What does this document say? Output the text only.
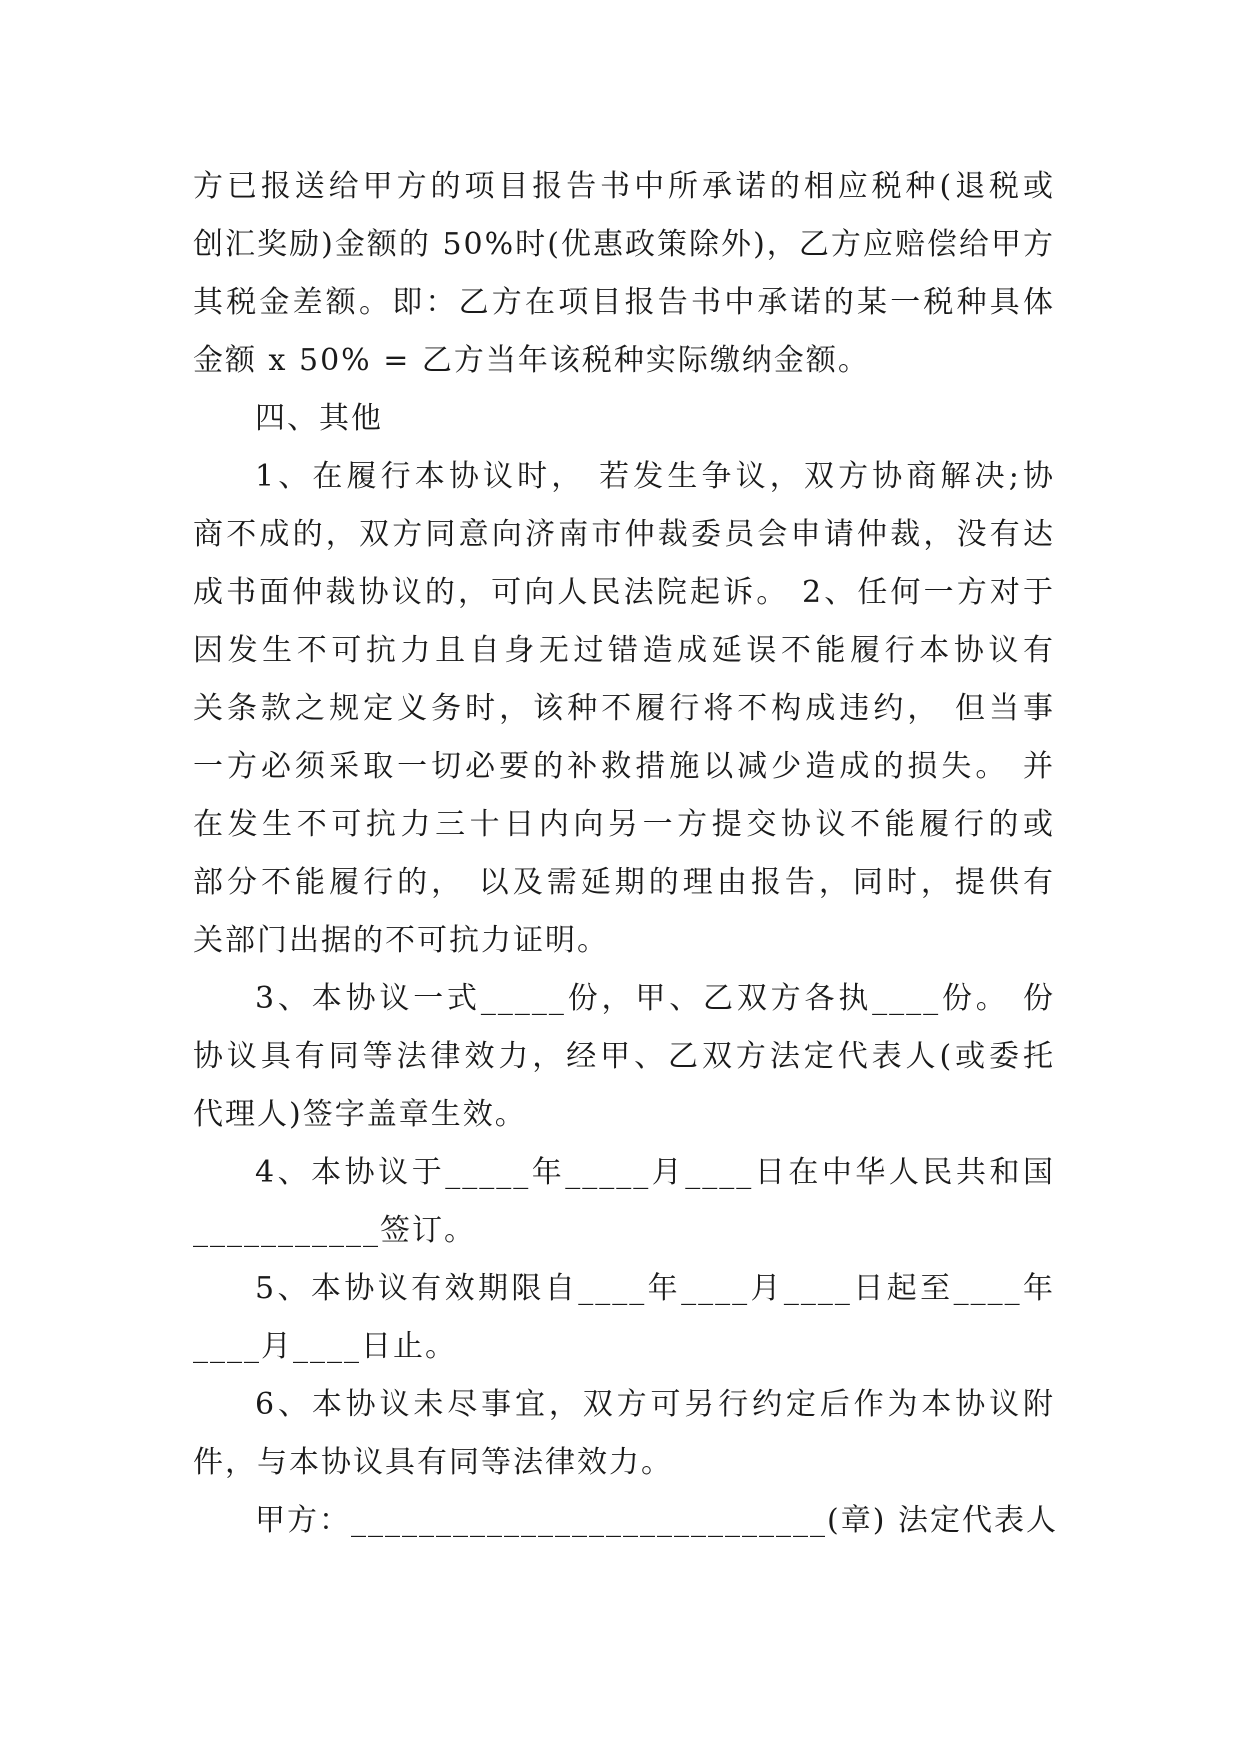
方已报送给甲方的项目报告书中所承诺的相应税种(退税或
创汇奖励)金额的 50%时(优惠政策除外)，乙方应赔偿给甲方
其税金差额。即：乙方在项目报告书中承诺的某一税种具体
金额 x 50% = 乙方当年该税种实际缴纳金额。
四、其他
1、在履行本协议时， 若发生争议，双方协商解决;协
商不成的，双方同意向济南市仲裁委员会申请仲裁，没有达
成书面仲裁协议的，可向人民法院起诉。 2、任何一方对于
因发生不可抗力且自身无过错造成延误不能履行本协议有
关条款之规定义务时，该种不履行将不构成违约， 但当事
一方必须采取一切必要的补救措施以减少造成的损失。 并
在发生不可抗力三十日内向另一方提交协议不能履行的或
部分不能履行的， 以及需延期的理由报告，同时，提供有
关部门出据的不可抗力证明。
3、本协议一式_____份，甲、乙双方各执____份。 份
协议具有同等法律效力，经甲、乙双方法定代表人(或委托
代理人)签字盖章生效。
4、本协议于_____年_____月____日在中华人民共和国
___________签订。
5、本协议有效期限自____年____月____日起至____年
____月____日止。
6、本协议未尽事宜，双方可另行约定后作为本协议附
件，与本协议具有同等法律效力。
甲方：____________________________(章) 法定代表人
